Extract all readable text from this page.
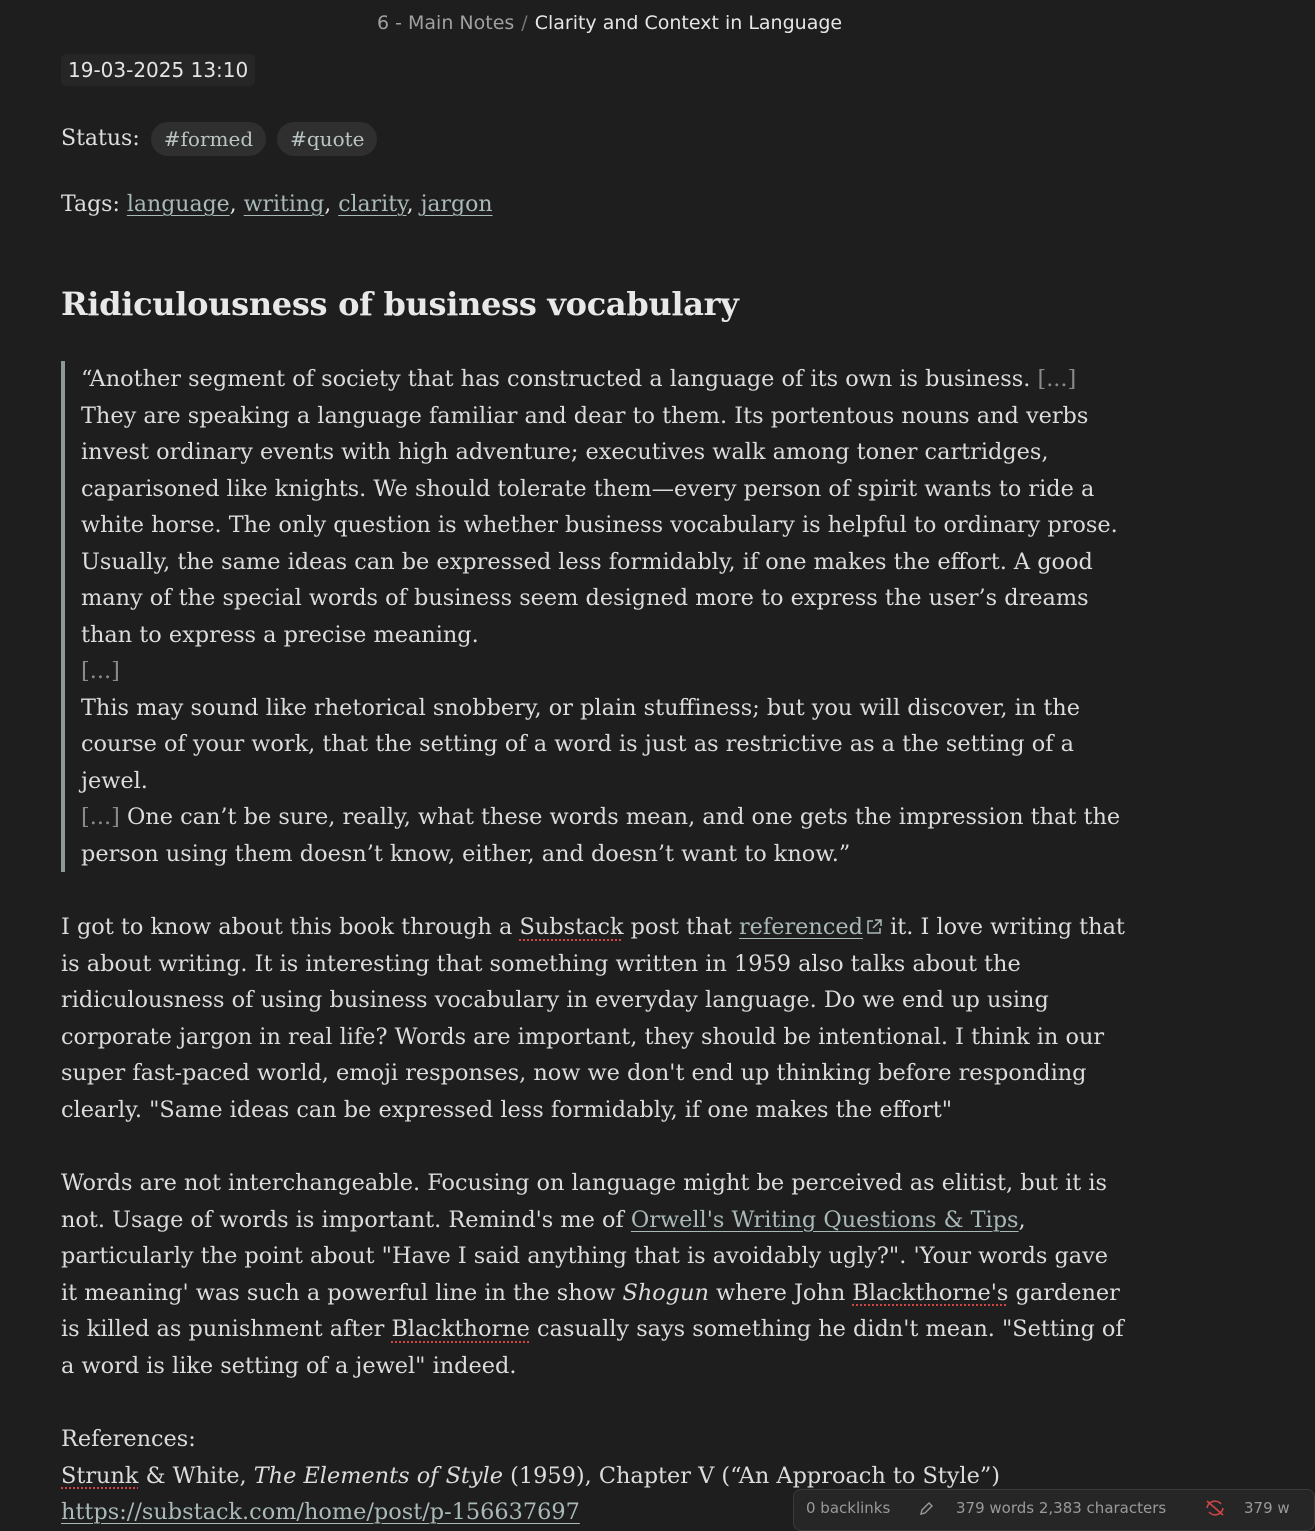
6 - Main Notes / Clarity and Context in Language
19-03-2025 13:10
Status: #formed #quote
Tags: language, writing, clarity, jargon
Ridiculousness of business vocabulary
“Another segment of society that has constructed a language of its own is business. [...] They are speaking a language familiar and dear to them. Its portentous nouns and verbs invest ordinary events with high adventure; executives walk among toner cartridges, caparisoned like knights. We should tolerate them—every person of spirit wants to ride a white horse. The only question is whether business vocabulary is helpful to ordinary prose. Usually, the same ideas can be expressed less formidably, if one makes the effort. A good many of the special words of business seem designed more to express the user’s dreams than to express a precise meaning.
[...]
This may sound like rhetorical snobbery, or plain stuffiness; but you will discover, in the course of your work, that the setting of a word is just as restrictive as a the setting of a jewel.
[...] One can’t be sure, really, what these words mean, and one gets the impression that the person using them doesn’t know, either, and doesn’t want to know.”

I got to know about this book through a Substack post that referenced it. I love writing that is about writing. It is interesting that something written in 1959 also talks about the ridiculousness of using business vocabulary in everyday language. Do we end up using corporate jargon in real life? Words are important, they should be intentional. I think in our super fast-paced world, emoji responses, now we don't end up thinking before responding clearly. "Same ideas can be expressed less formidably, if one makes the effort"

Words are not interchangeable. Focusing on language might be perceived as elitist, but it is not. Usage of words is important. Remind's me of Orwell's Writing Questions & Tips, particularly the point about "Have I said anything that is avoidably ugly?". 'Your words gave it meaning' was such a powerful line in the show Shogun where John Blackthorne's gardener is killed as punishment after Blackthorne casually says something he didn't mean. "Setting of a word is like setting of a jewel" indeed.

References:
Strunk & White, The Elements of Style (1959), Chapter V (“An Approach to Style”)
https://substack.com/home/post/p-156637697	0 backlinks	379 words 2,383 characters	379 w
